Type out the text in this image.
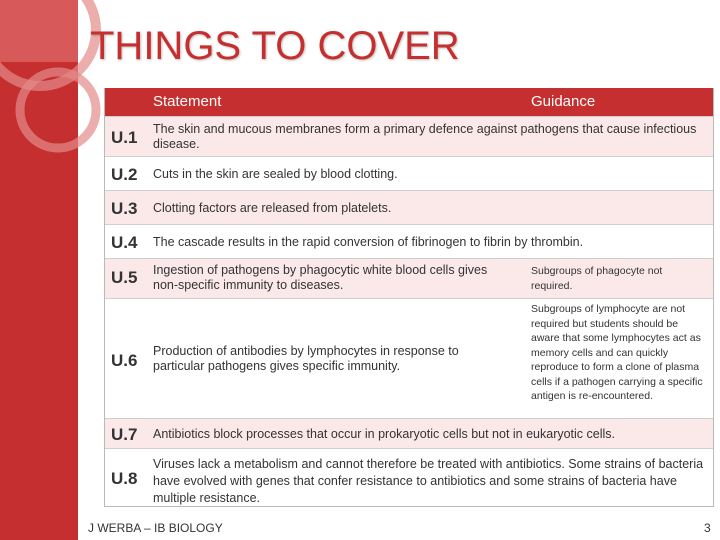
THINGS TO COVER
Statement	Guidance
U.1 The skin and mucous membranes form a primary defence against pathogens that cause infectious disease.
U.2 Cuts in the skin are sealed by blood clotting.
U.3 Clotting factors are released from platelets.
U.4 The cascade results in the rapid conversion of fibrinogen to fibrin by thrombin.
U.5 Ingestion of pathogens by phagocytic white blood cells gives non-specific immunity to diseases.
Subgroups of phagocyte not required.
U.6 Production of antibodies by lymphocytes in response to particular pathogens gives specific immunity.
Subgroups of lymphocyte are not required but students should be aware that some lymphocytes act as memory cells and can quickly reproduce to form a clone of plasma cells if a pathogen carrying a specific antigen is re-encountered.
U.7 Antibiotics block processes that occur in prokaryotic cells but not in eukaryotic cells.
U.8
Viruses lack a metabolism and cannot therefore be treated with antibiotics. Some strains of bacteria have evolved with genes that confer resistance to antibiotics and some strains of bacteria have multiple resistance.
J WERBA – IB BIOLOGY	3
